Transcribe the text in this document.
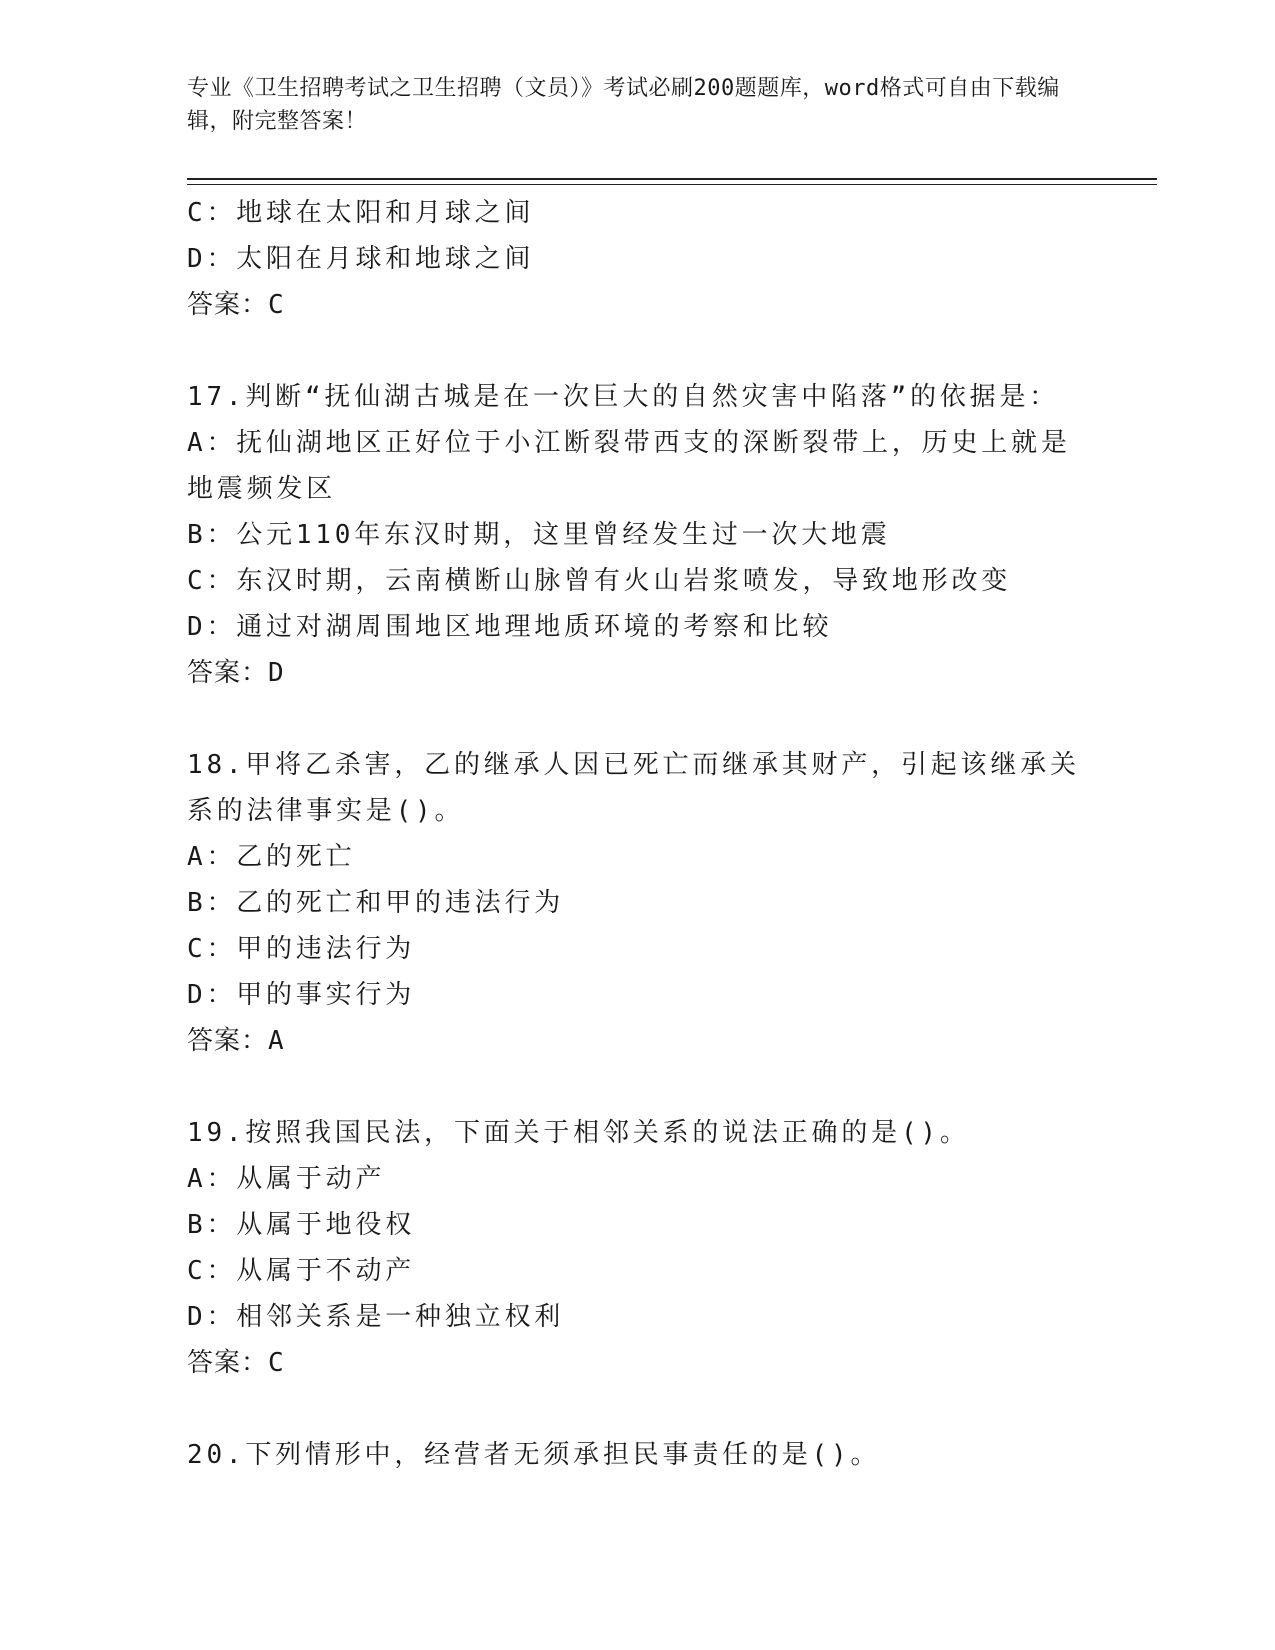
专业《卫生招聘考试之卫生招聘（文员）》考试必刷200题题库，word格式可自由下载编辑，附完整答案！
C：地球在太阳和月球之间
D：太阳在月球和地球之间
答案：C
17.判断“抚仙湖古城是在一次巨大的自然灾害中陷落”的依据是：
A：抚仙湖地区正好位于小江断裂带西支的深断裂带上，历史上就是地震频发区
B：公元110年东汉时期，这里曾经发生过一次大地震
C：东汉时期，云南横断山脉曾有火山岩浆喷发，导致地形改变
D：通过对湖周围地区地理地质环境的考察和比较
答案：D
18.甲将乙杀害，乙的继承人因已死亡而继承其财产，引起该继承关系的法律事实是()。
A：乙的死亡
B：乙的死亡和甲的违法行为
C：甲的违法行为
D：甲的事实行为
答案：A
19.按照我国民法，下面关于相邻关系的说法正确的是()。
A：从属于动产
B：从属于地役权
C：从属于不动产
D：相邻关系是一种独立权利
答案：C
20.下列情形中，经营者无须承担民事责任的是()。
